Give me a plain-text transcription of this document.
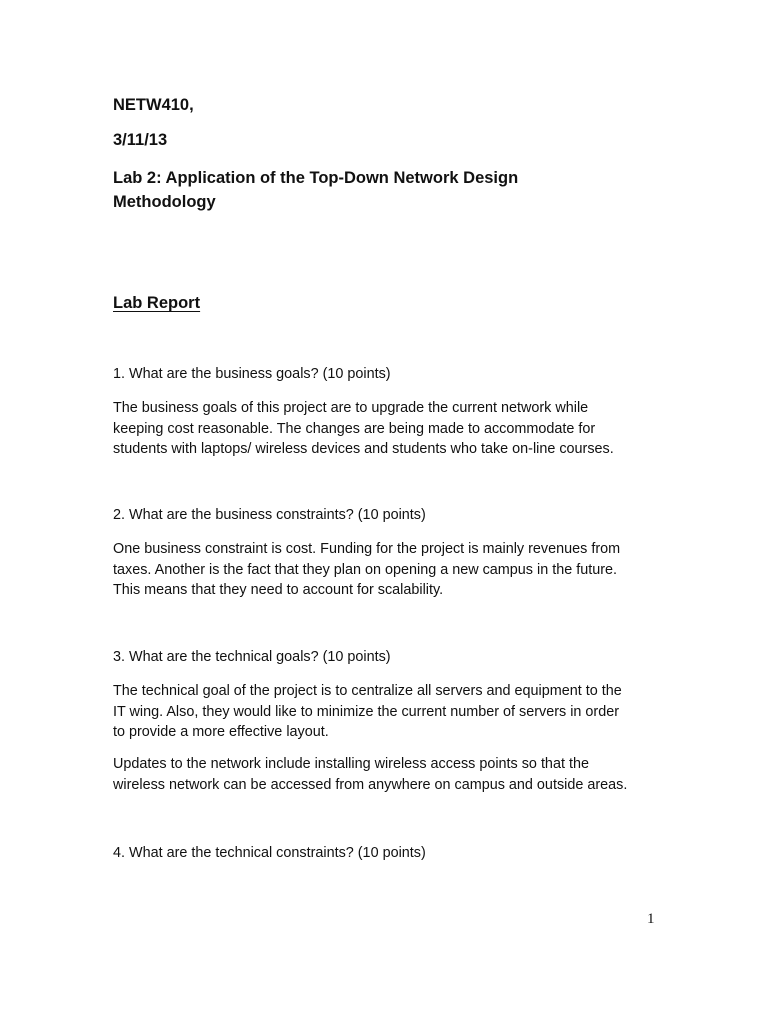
NETW410,
3/11/13
Lab 2: Application of the Top-Down Network Design
Methodology
Lab Report
1. What are the business goals? (10 points)
The business goals of this project are to upgrade the current network while
keeping cost reasonable. The changes are being made to accommodate for
students with laptops/ wireless devices and students who take on-line courses.
2. What are the business constraints? (10 points)
One business constraint is cost. Funding for the project is mainly revenues from
taxes. Another is the fact that they plan on opening a new campus in the future.
This means that they need to account for scalability.
3. What are the technical goals? (10 points)
The technical goal of the project is to centralize all servers and equipment to the
IT wing. Also, they would like to minimize the current number of servers in order
to provide a more effective layout.
Updates to the network include installing wireless access points so that the
wireless network can be accessed from anywhere on campus and outside areas.
4. What are the technical constraints? (10 points)
1
